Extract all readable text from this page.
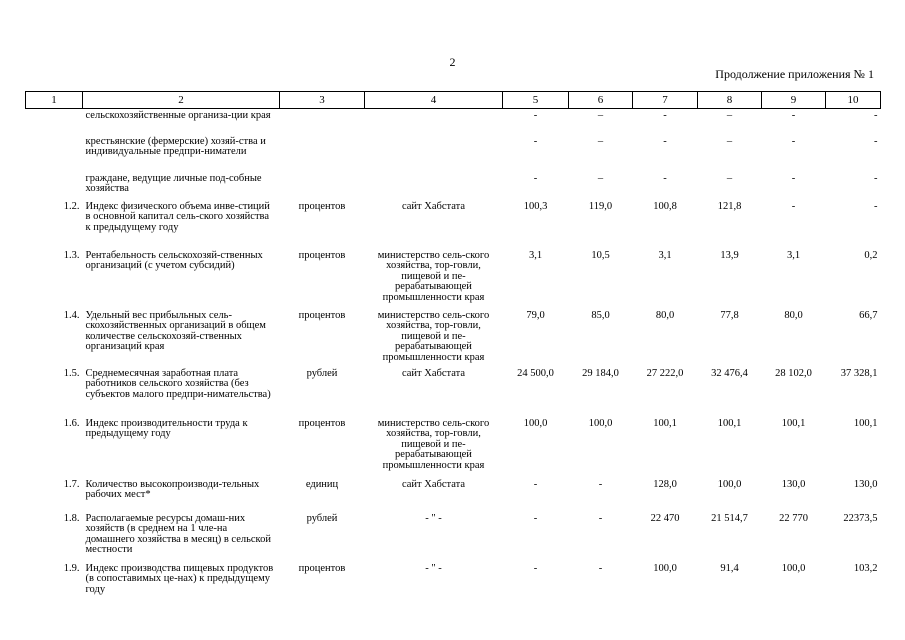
2
Продолжение приложения № 1
1	2	3	4	5	6	7	8	9	10
	сельскохозяйственные организа-ции края			-	–	-	–	-	-
	крестьянские (фермерские) хозяй-ства и индивидуальные предпри-ниматели			-	–	-	–	-	-
	граждане, ведущие личные под-собные хозяйства			-	–	-	–	-	-
1.2.	Индекс физического объема инве-стиций в основной капитал сель-ского хозяйства к предыдущему году	процентов	сайт Хабстата	100,3	119,0	100,8	121,8	-	-
1.3.	Рентабельность сельскохозяй-ственных организаций (с учетом субсидий)	процентов	министерство сель-ского хозяйства, тор-говли, пищевой и пе-рерабатывающей промышленности края	3,1	10,5	3,1	13,9	3,1	0,2
1.4.	Удельный вес прибыльных сель-скохозяйственных организаций в общем количестве сельскохозяй-ственных организаций края	процентов	министерство сель-ского хозяйства, тор-говли, пищевой и пе-рерабатывающей промышленности края	79,0	85,0	80,0	77,8	80,0	66,7
1.5.	Среднемесячная заработная плата работников сельского хозяйства (без субъектов малого предпри-нимательства)	рублей	сайт Хабстата	24 500,0	29 184,0	27 222,0	32 476,4	28 102,0	37 328,1
1.6.	Индекс производительности труда к предыдущему году	процентов	министерство сель-ского хозяйства, тор-говли, пищевой и пе-рерабатывающей промышленности края	100,0	100,0	100,1	100,1	100,1	100,1
1.7.	Количество высокопроизводи-тельных рабочих мест*	единиц	сайт Хабстата	-	-	128,0	100,0	130,0	130,0
1.8.	Располагаемые ресурсы домаш-них хозяйств (в среднем на 1 чле-на домашнего хозяйства в месяц) в сельской местности	рублей	- " -	-	-	22 470	21 514,7	22 770	22373,5
1.9.	Индекс производства пищевых продуктов (в сопоставимых це-нах) к предыдущему году	процентов	- " -	-	-	100,0	91,4	100,0	103,2
